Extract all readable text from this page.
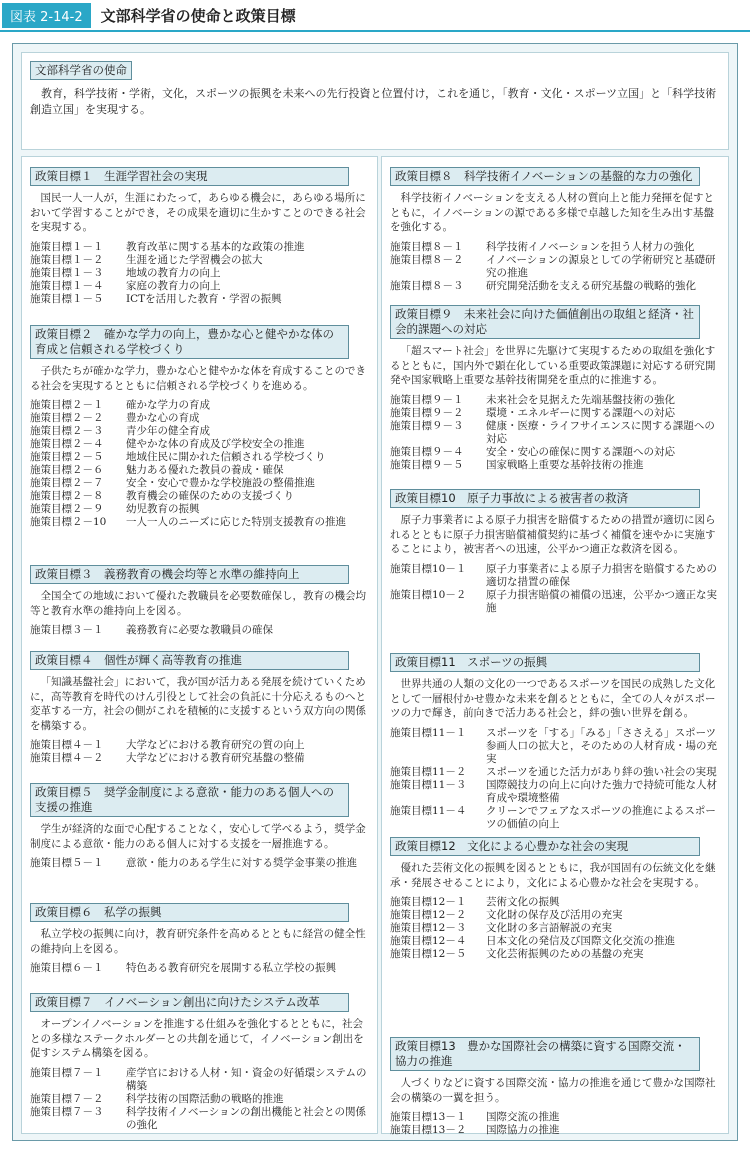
図表 2-14-2	文部科学省の使命と政策目標
文部科学省の使命
教育，科学技術・学術，文化，スポーツの振興を未来への先行投資と位置付け，これを通じ，「教育・文化・スポーツ立国」と「科学技術創造立国」を実現する。
政策目標１　生涯学習社会の実現
国民一人一人が，生涯にわたって，あらゆる機会に，あらゆる場所において学習することができ，その成果を適切に生かすことのできる社会を実現する。
施策目標１－１	教育改革に関する基本的な政策の推進
施策目標１－２	生涯を通じた学習機会の拡大
施策目標１－３	地域の教育力の向上
施策目標１－４	家庭の教育力の向上
施策目標１－５	ICTを活用した教育・学習の振興
政策目標２　確かな学力の向上，豊かな心と健やかな体の育成と信頼される学校づくり
子供たちが確かな学力，豊かな心と健やかな体を育成することのできる社会を実現するとともに信頼される学校づくりを進める。
施策目標２－１	確かな学力の育成
施策目標２－２	豊かな心の育成
施策目標２－３	青少年の健全育成
施策目標２－４	健やかな体の育成及び学校安全の推進
施策目標２－５	地域住民に開かれた信頼される学校づくり
施策目標２－６	魅力ある優れた教員の養成・確保
施策目標２－７	安全・安心で豊かな学校施設の整備推進
施策目標２－８	教育機会の確保のための支援づくり
施策目標２－９	幼児教育の振興
施策目標２－10	一人一人のニーズに応じた特別支援教育の推進
政策目標３　義務教育の機会均等と水準の維持向上
全国全ての地域において優れた教職員を必要数確保し，教育の機会均等と教育水準の維持向上を図る。
施策目標３－１	義務教育に必要な教職員の確保
政策目標４　個性が輝く高等教育の推進
「知識基盤社会」において，我が国が活力ある発展を続けていくために，高等教育を時代のけん引役として社会の負託に十分応えるものへと変革する一方，社会の側がこれを積極的に支援するという双方向の関係を構築する。
施策目標４－１	大学などにおける教育研究の質の向上
施策目標４－２	大学などにおける教育研究基盤の整備
政策目標５　奨学金制度による意欲・能力のある個人への支援の推進
学生が経済的な面で心配することなく，安心して学べるよう，奨学金制度による意欲・能力のある個人に対する支援を一層推進する。
施策目標５－１	意欲・能力のある学生に対する奨学金事業の推進
政策目標６　私学の振興
私立学校の振興に向け，教育研究条件を高めるとともに経営の健全性の維持向上を図る。
施策目標６－１	特色ある教育研究を展開する私立学校の振興
政策目標７　イノベーション創出に向けたシステム改革
オープンイノベーションを推進する仕組みを強化するとともに，社会との多様なステークホルダーとの共創を通じて，イノベーション創出を促すシステム構築を図る。
施策目標７－１	産学官における人材・知・資金の好循環システムの構築
施策目標７－２	科学技術の国際活動の戦略的推進
施策目標７－３	科学技術イノベーションの創出機能と社会との関係の強化
政策目標８　科学技術イノベーションの基盤的な力の強化
科学技術イノベーションを支える人材の質向上と能力発揮を促すとともに，イノベーションの源である多様で卓越した知を生み出す基盤を強化する。
施策目標８－１	科学技術イノベーションを担う人材力の強化
施策目標８－２	イノベーションの源泉としての学術研究と基礎研究の推進
施策目標８－３	研究開発活動を支える研究基盤の戦略的強化
政策目標９　未来社会に向けた価値創出の取組と経済・社会的課題への対応
「超スマート社会」を世界に先駆けて実現するための取組を強化するとともに，国内外で顕在化している重要政策課題に対応する研究開発や国家戦略上重要な基幹技術開発を重点的に推進する。
施策目標９－１	未来社会を見据えた先端基盤技術の強化
施策目標９－２	環境・エネルギーに関する課題への対応
施策目標９－３	健康・医療・ライフサイエンスに関する課題への対応
施策目標９－４	安全・安心の確保に関する課題への対応
施策目標９－５	国家戦略上重要な基幹技術の推進
政策目標10　原子力事故による被害者の救済
原子力事業者による原子力損害を賠償するための措置が適切に図られるとともに原子力損害賠償補償契約に基づく補償を速やかに実施することにより，被害者への迅速，公平かつ適正な救済を図る。
施策目標10－１	原子力事業者による原子力損害を賠償するための適切な措置の確保
施策目標10－２	原子力損害賠償の補償の迅速，公平かつ適正な実施
政策目標11　スポーツの振興
世界共通の人類の文化の一つであるスポーツを国民の成熟した文化として一層根付かせ豊かな未来を創るとともに，全ての人々がスポーツの力で輝き，前向きで活力ある社会と，絆の強い世界を創る。
施策目標11－１	スポーツを「する」「みる」「ささえる」スポーツ参画人口の拡大と，そのための人材育成・場の充実
施策目標11－２	スポーツを通じた活力があり絆の強い社会の実現
施策目標11－３	国際競技力の向上に向けた強力で持続可能な人材育成や環境整備
施策目標11－４	クリーンでフェアなスポーツの推進によるスポーツの価値の向上
政策目標12　文化による心豊かな社会の実現
優れた芸術文化の振興を図るとともに，我が国固有の伝統文化を継承・発展させることにより，文化による心豊かな社会を実現する。
施策目標12－１	芸術文化の振興
施策目標12－２	文化財の保存及び活用の充実
施策目標12－３	文化財の多言語解説の充実
施策目標12－４	日本文化の発信及び国際文化交流の推進
施策目標12－５	文化芸術振興のための基盤の充実
政策目標13　豊かな国際社会の構築に資する国際交流・協力の推進
人づくりなどに資する国際交流・協力の推進を通じて豊かな国際社会の構築の一翼を担う。
施策目標13－１	国際交流の推進
施策目標13－２	国際協力の推進
